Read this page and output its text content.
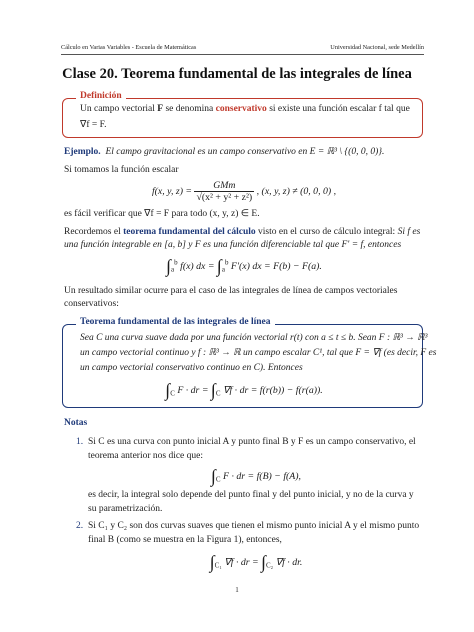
Cálculo en Varias Variables - Escuela de Matemáticas	Universidad Nacional, sede Medellín
Clase 20. Teorema fundamental de las integrales de línea
Definición
Un campo vectorial F se denomina conservativo si existe una función escalar f tal que
∇f = F.
Ejemplo. El campo gravitacional es un campo conservativo en E = ℝ³ \ {(0, 0, 0)}.
Si tomamos la función escalar
f(x, y, $z) = \frac{\text{GMm}}{\text{√(x² + y² + z²)}}$ , (x, y, z) ≠ (0, 0, 0) ,
es fácil verificar que ∇f = F para todo (x, y, z) ∈ E.
Recordemos el teorema fundamental del cálculo visto en el curso de cálculo integral: Si f es
una función integrable en [a, b] y F es una función diferenciable tal que F′ = f, entonces
$\int_a^b$ f(x) dx = $\int_a^b$ F′(x) dx = F(b) − F(a).
Un resultado similar ocurre para el caso de las integrales de línea de campos vectoriales
conservativos:
Teorema fundamental de las integrales de línea
Sea C una curva suave dada por una función vectorial r(t) con a ≤ t ≤ b. Sean F : ℝ³ → ℝ³
un campo vectorial continuo y f : ℝ³ → ℝ un campo escalar C¹, tal que F = ∇f (es decir, F es
un campo vectorial conservativo continuo en C). Entonces
$\int_C$ F · dr = $\int_C$ ∇f · dr = f(r(b)) − f(r(a)).
Notas
1. Si C es una curva con punto inicial A y punto final B y F es un campo conservativo, el
teorema anterior nos dice que:
$\int_C$ F · dr = f(B) − f(A),
es decir, la integral solo depende del punto final y del punto inicial, y no de la curva y
su parametrización.
2. Si C₁ y C₂ son dos curvas suaves que tienen el mismo punto inicial A y el mismo punto
final B (como se muestra en la Figura 1), entonces,
$\int_{C_1}$ ∇f · dr = $\int_{C_2}$ ∇f · dr.
1
